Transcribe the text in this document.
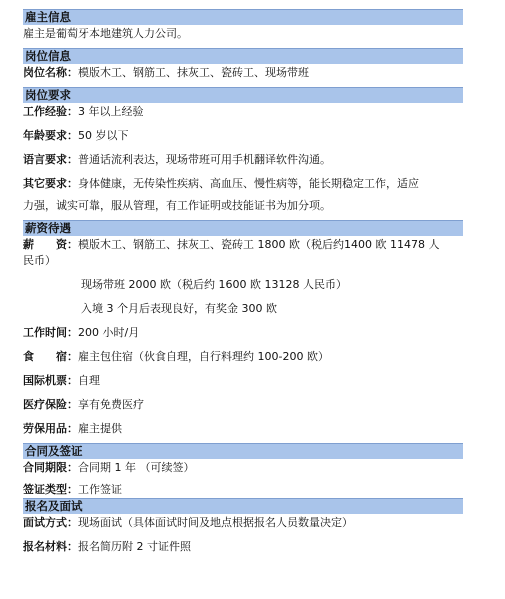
雇主信息
雇主是葡萄牙本地建筑人力公司。
岗位信息
岗位名称：模版木工、钢筋工、抹灰工、瓷砖工、现场带班
岗位要求
工作经验：3 年以上经验
年龄要求：50 岁以下
语言要求：普通话流利表达，现场带班可用手机翻译软件沟通。
其它要求：身体健康，无传染性疾病、高血压、慢性病等，能长期稳定工作，适应
力强，诚实可靠，服从管理，有工作证明或技能证书为加分项。
薪资待遇
薪　　资：模版木工、钢筋工、抹灰工、瓷砖工 1800 欧（税后约1400 欧 11478 人
民币）
现场带班 2000 欧（税后约 1600 欧 13128 人民币）
入境 3 个月后表现良好，有奖金 300 欧
工作时间：200 小时/月
食　　宿：雇主包住宿（伙食自理，自行料理约 100-200 欧）
国际机票：自理
医疗保险：享有免费医疗
劳保用品：雇主提供
合同及签证
合同期限：合同期 1 年 （可续签）
签证类型：工作签证
报名及面试
面试方式：现场面试（具体面试时间及地点根据报名人员数量决定）
报名材料：报名简历附 2 寸证件照
